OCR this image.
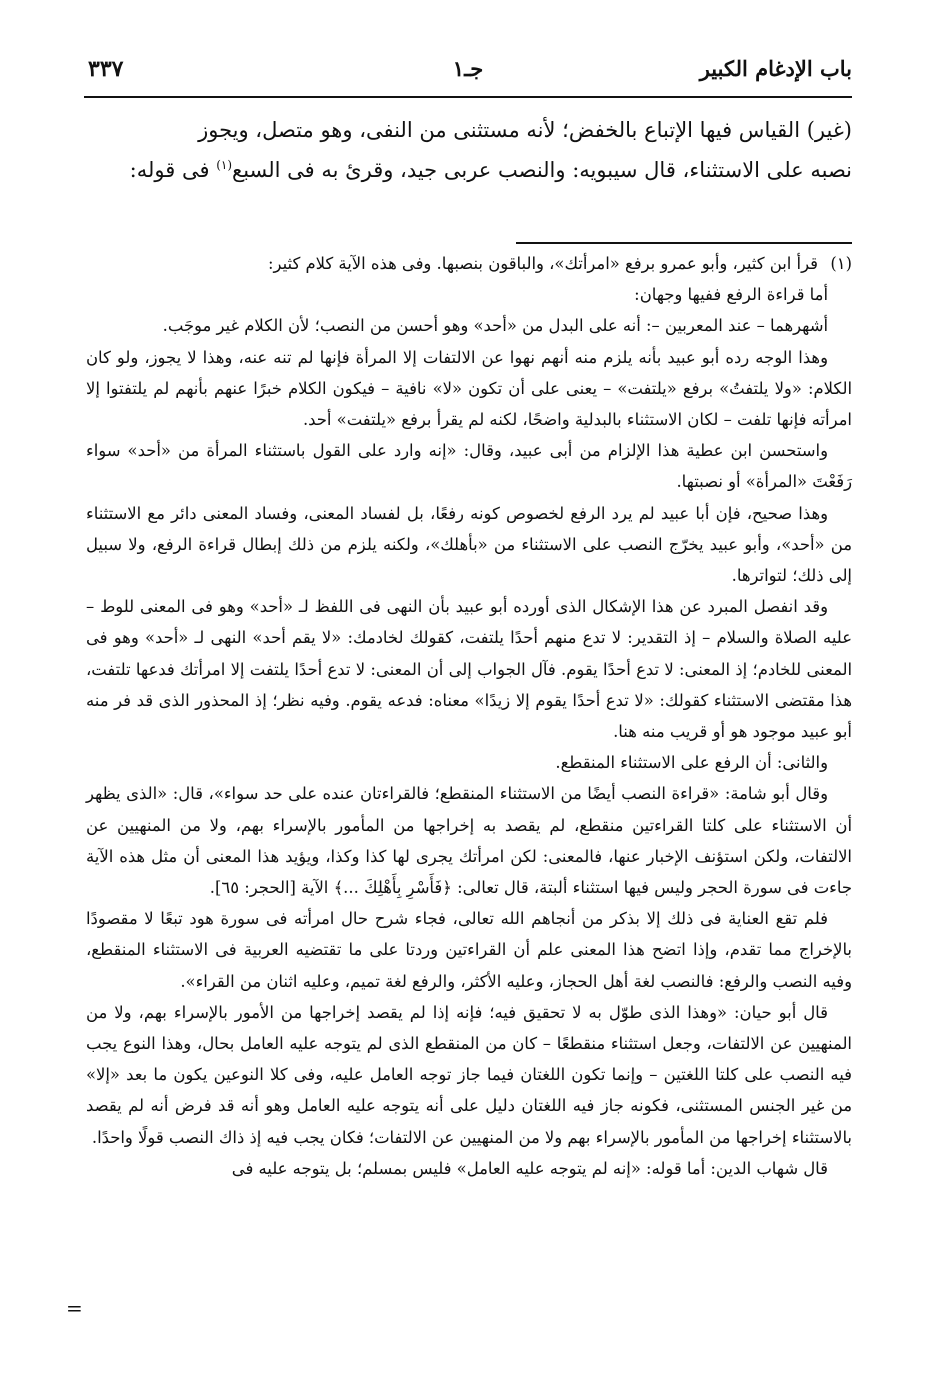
باب الإدغام الكبير
جـ١
٣٣٧

(غير) القياس فيها الإتباع بالخفض؛ لأنه مستثنى من النفى، وهو متصل، ويجوز

نصبه على الاستثناء، قال سيبويه: والنصب عربى جيد، وقرئ به فى السبع$^{(١)}$ فى قوله:

(١)

قرأ ابن كثير، وأبو عمرو برفع «امرأتك»، والباقون بنصبها. وفى هذه الآية كلام كثير:

أما قراءة الرفع ففيها وجهان:

أشهرهما – عند المعربين –: أنه على البدل من «أحد» وهو أحسن من النصب؛ لأن الكلام غير موجَب.

وهذا الوجه رده أبو عبيد بأنه يلزم منه أنهم نهوا عن الالتفات إلا المرأة فإنها لم تنه عنه، وهذا لا يجوز، ولو كان الكلام: «ولا يلتفتُ» برفع «يلتفت» – يعنى على أن تكون «لا» نافية – فيكون الكلام خبرًا عنهم بأنهم لم يلتفتوا إلا امرأته فإنها تلفت – لكان الاستثناء بالبدلية واضحًا، لكنه لم يقرأ برفع «يلتفت» أحد.

واستحسن ابن عطية هذا الإلزام من أبى عبيد، وقال: «إنه وارد على القول باستثناء المرأة من «أحد» سواء رَفَعْتَ «المرأة» أو نصبتها.

وهذا صحيح، فإن أبا عبيد لم يرد الرفع لخصوص كونه رفعًا، بل لفساد المعنى، وفساد المعنى دائر مع الاستثناء من «أحد»، وأبو عبيد يخرّج النصب على الاستثناء من «بأهلك»، ولكنه يلزم من ذلك إبطال قراءة الرفع، ولا سبيل إلى ذلك؛ لتواترها.

وقد انفصل المبرد عن هذا الإشكال الذى أورده أبو عبيد بأن النهى فى اللفظ لـ «أحد» وهو فى المعنى للوط – عليه الصلاة والسلام – إذ التقدير: لا تدع منهم أحدًا يلتفت، كقولك لخادمك: «لا يقم أحد» النهى لـ «أحد» وهو فى المعنى للخادم؛ إذ المعنى: لا تدع أحدًا يقوم. فآل الجواب إلى أن المعنى: لا تدع أحدًا يلتفت إلا امرأتك فدعها تلتفت، هذا مقتضى الاستثناء كقولك: «لا تدع أحدًا يقوم إلا زيدًا» معناه: فدعه يقوم. وفيه نظر؛ إذ المحذور الذى قد فر منه أبو عبيد موجود هو أو قريب منه هنا.

والثانى: أن الرفع على الاستثناء المنقطع.

وقال أبو شامة: «قراءة النصب أيضًا من الاستثناء المنقطع؛ فالقراءتان عنده على حد سواء»، قال: «الذى يظهر أن الاستثناء على كلتا القراءتين منقطع، لم يقصد به إخراجها من المأمور بالإسراء بهم، ولا من المنهيين عن الالتفات، ولكن استؤنف الإخبار عنها، فالمعنى: لكن امرأتك يجرى لها كذا وكذا، ويؤيد هذا المعنى أن مثل هذه الآية جاءت فى سورة الحجر وليس فيها استثناء ألبتة، قال تعالى: ﴿فَأَسْرِ بِأَهْلِكَ ...﴾ الآية [الحجر: ٦٥].

فلم تقع العناية فى ذلك إلا بذكر من أنجاهم الله تعالى، فجاء شرح حال امرأته فى سورة هود تبعًا لا مقصودًا بالإخراج مما تقدم، وإذا اتضح هذا المعنى علم أن القراءتين وردتا على ما تقتضيه العربية فى الاستثناء المنقطع، وفيه النصب والرفع: فالنصب لغة أهل الحجاز، وعليه الأكثر، والرفع لغة تميم، وعليه اثنان من القراء».

قال أبو حيان: «وهذا الذى طوّل به لا تحقيق فيه؛ فإنه إذا لم يقصد إخراجها من الأمور بالإسراء بهم، ولا من المنهيين عن الالتفات، وجعل استثناء منقطعًا – كان من المنقطع الذى لم يتوجه عليه العامل بحال، وهذا النوع يجب فيه النصب على كلتا اللغتين – وإنما تكون اللغتان فيما جاز توجه العامل عليه، وفى كلا النوعين يكون ما بعد «إلا» من غير الجنس المستثنى، فكونه جاز فيه اللغتان دليل على أنه يتوجه عليه العامل وهو أنه قد فرض أنه لم يقصد بالاستثناء إخراجها من المأمور بالإسراء بهم ولا من المنهيين عن الالتفات؛ فكان يجب فيه إذ ذاك النصب قولًا واحدًا.

قال شهاب الدين: أما قوله: «إنه لم يتوجه عليه العامل» فليس بمسلم؛ بل يتوجه عليه فى

=
